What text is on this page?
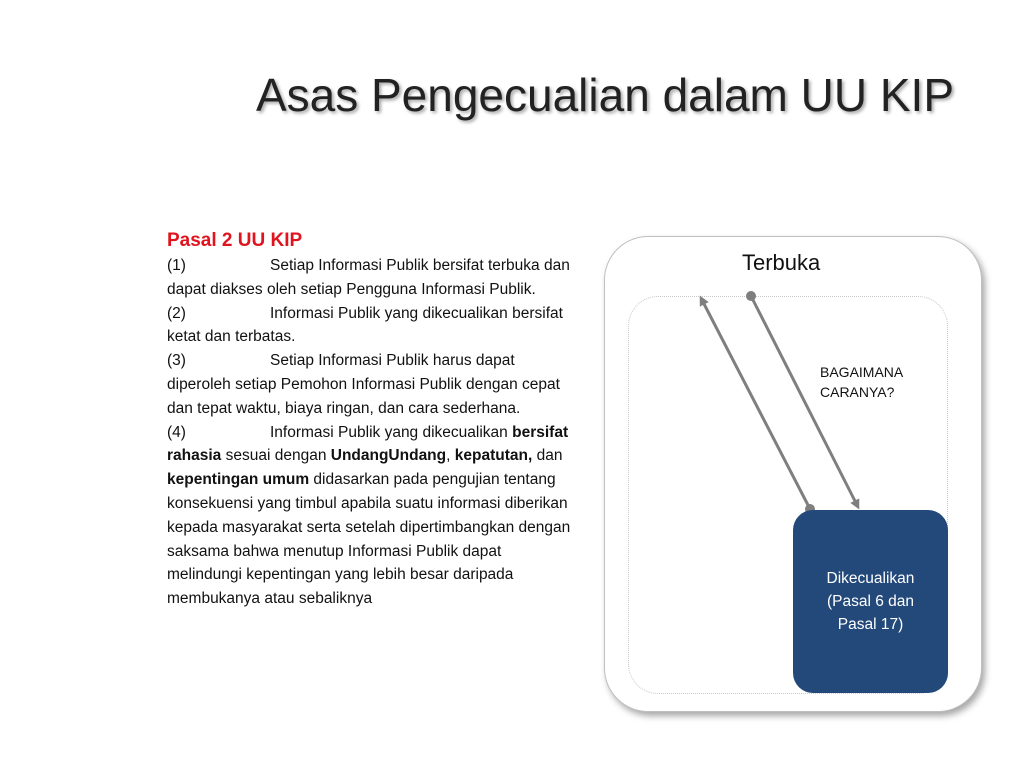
Asas Pengecualian dalam UU KIP
Pasal 2 UU KIP
(1)	Setiap Informasi Publik bersifat terbuka dan dapat diakses oleh setiap Pengguna Informasi Publik.
(2)	Informasi Publik yang dikecualikan bersifat ketat dan terbatas.
(3)	Setiap Informasi Publik harus dapat diperoleh setiap Pemohon Informasi Publik dengan cepat dan tepat waktu, biaya ringan, dan cara sederhana.
(4)	Informasi Publik yang dikecualikan bersifat rahasia sesuai dengan UndangUndang, kepatutan, dan kepentingan umum didasarkan pada pengujian tentang konsekuensi yang timbul apabila suatu informasi diberikan kepada masyarakat serta setelah dipertimbangkan dengan saksama bahwa menutup Informasi Publik dapat melindungi kepentingan yang lebih besar daripada membukanya atau sebaliknya
Terbuka
BAGAIMANA CARANYA?
Dikecualikan (Pasal 6 dan Pasal 17)
